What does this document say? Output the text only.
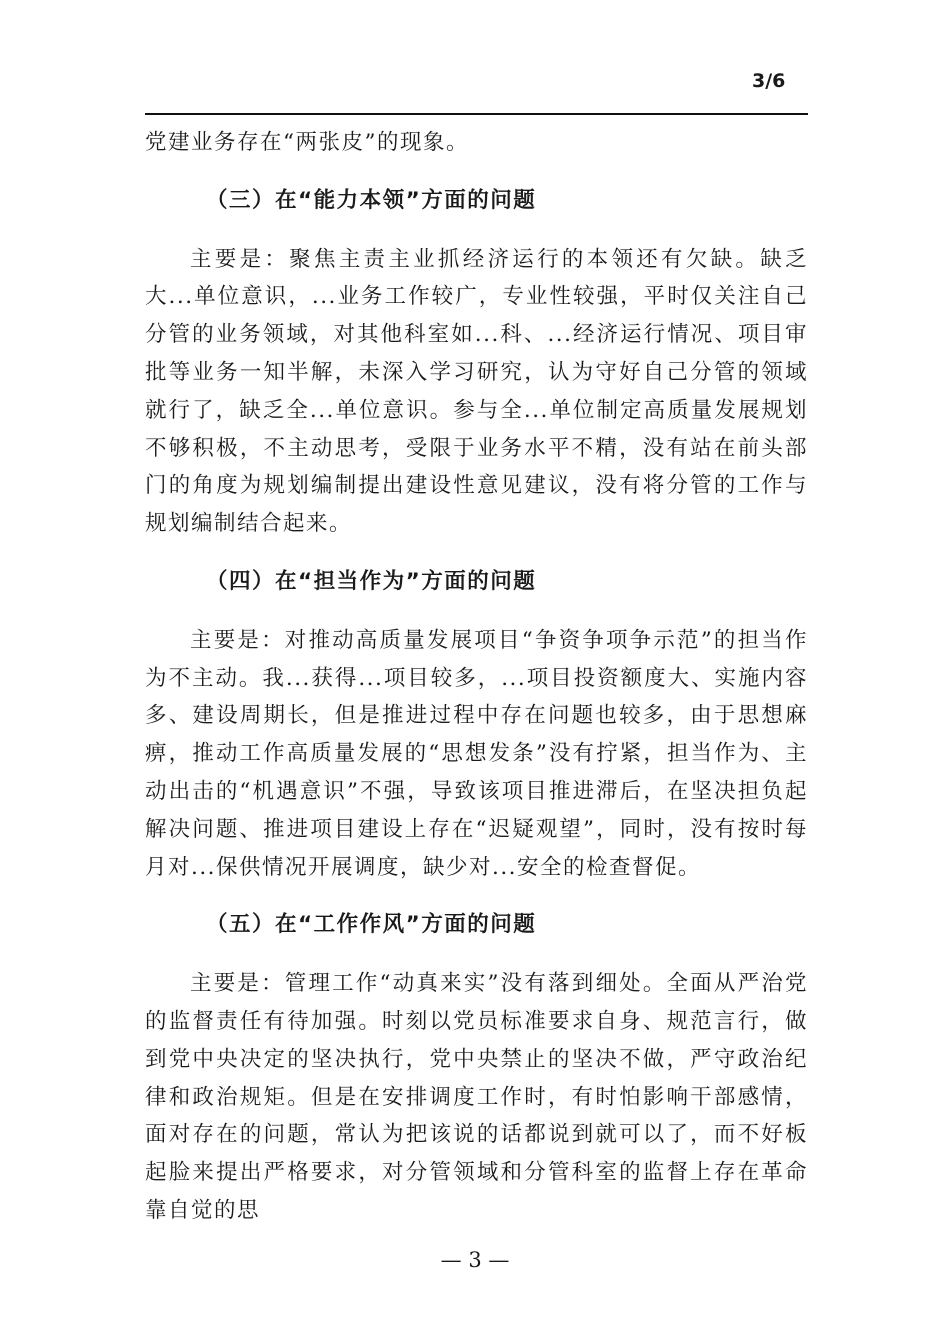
3/6

党建业务存在“两张皮”的现象。

（三）在“能力本领”方面的问题

主要是：聚焦主责主业抓经济运行的本领还有欠缺。缺乏大...单位意识，...业务工作较广，专业性较强，平时仅关注自己分管的业务领域，对其他科室如...科、...经济运行情况、项目审批等业务一知半解，未深入学习研究，认为守好自己分管的领域就行了，缺乏全...单位意识。参与全...单位制定高质量发展规划不够积极，不主动思考，受限于业务水平不精，没有站在前头部门的角度为规划编制提出建设性意见建议，没有将分管的工作与规划编制结合起来。

（四）在“担当作为”方面的问题

主要是：对推动高质量发展项目“争资争项争示范”的担当作为不主动。我...获得...项目较多，...项目投资额度大、实施内容多、建设周期长，但是推进过程中存在问题也较多，由于思想麻痹，推动工作高质量发展的“思想发条”没有拧紧，担当作为、主动出击的“机遇意识”不强，导致该项目推进滞后，在坚决担负起解决问题、推进项目建设上存在“迟疑观望”，同时，没有按时每月对...保供情况开展调度，缺少对...安全的检查督促。

（五）在“工作作风”方面的问题

主要是：管理工作“动真来实”没有落到细处。全面从严治党的监督责任有待加强。时刻以党员标准要求自身、规范言行，做到党中央决定的坚决执行，党中央禁止的坚决不做，严守政治纪律和政治规矩。但是在安排调度工作时，有时怕影响干部感情，面对存在的问题，常认为把该说的话都说到就可以了，而不好板起脸来提出严格要求，对分管领域和分管科室的监督上存在革命靠自觉的思

— 3 —
